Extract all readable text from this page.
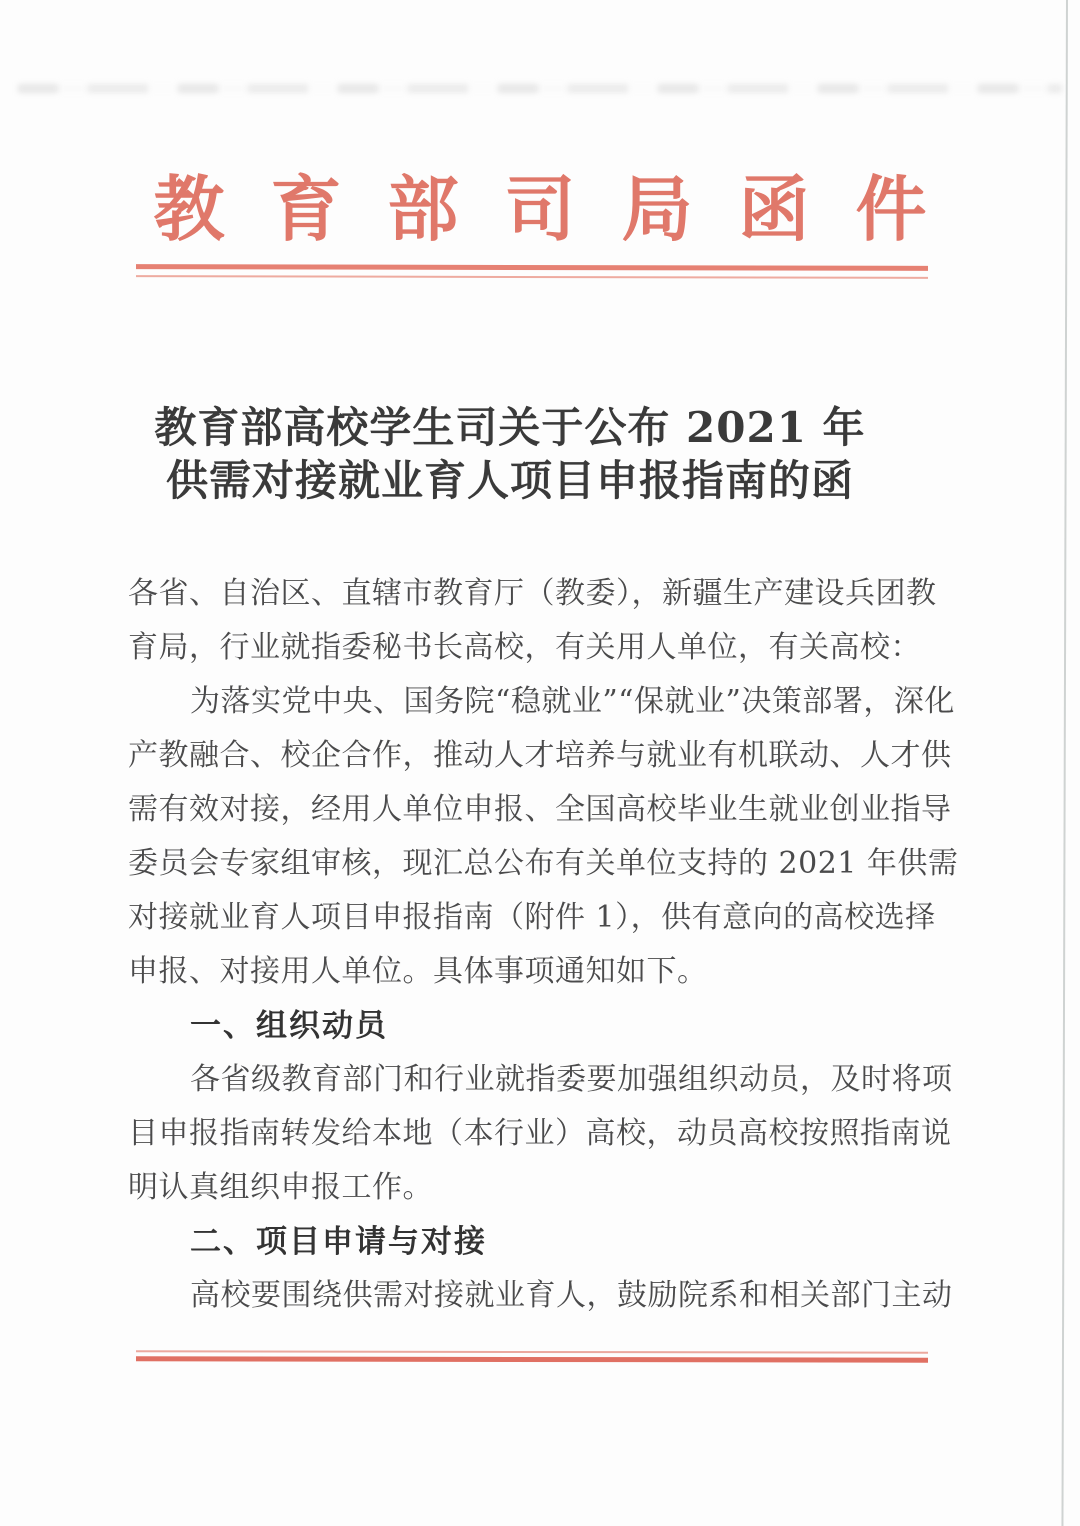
教育部司局函件
教育部高校学生司关于公布 2021 年
供需对接就业育人项目申报指南的函
各省、自治区、直辖市教育厅（教委），新疆生产建设兵团教
育局，行业就指委秘书长高校，有关用人单位，有关高校：
为落实党中央、国务院“稳就业”“保就业”决策部署，深化
产教融合、校企合作，推动人才培养与就业有机联动、人才供
需有效对接，经用人单位申报、全国高校毕业生就业创业指导
委员会专家组审核，现汇总公布有关单位支持的 2021 年供需
对接就业育人项目申报指南（附件 1），供有意向的高校选择
申报、对接用人单位。具体事项通知如下。
一、组织动员
各省级教育部门和行业就指委要加强组织动员，及时将项
目申报指南转发给本地（本行业）高校，动员高校按照指南说
明认真组织申报工作。
二、项目申请与对接
高校要围绕供需对接就业育人，鼓励院系和相关部门主动
